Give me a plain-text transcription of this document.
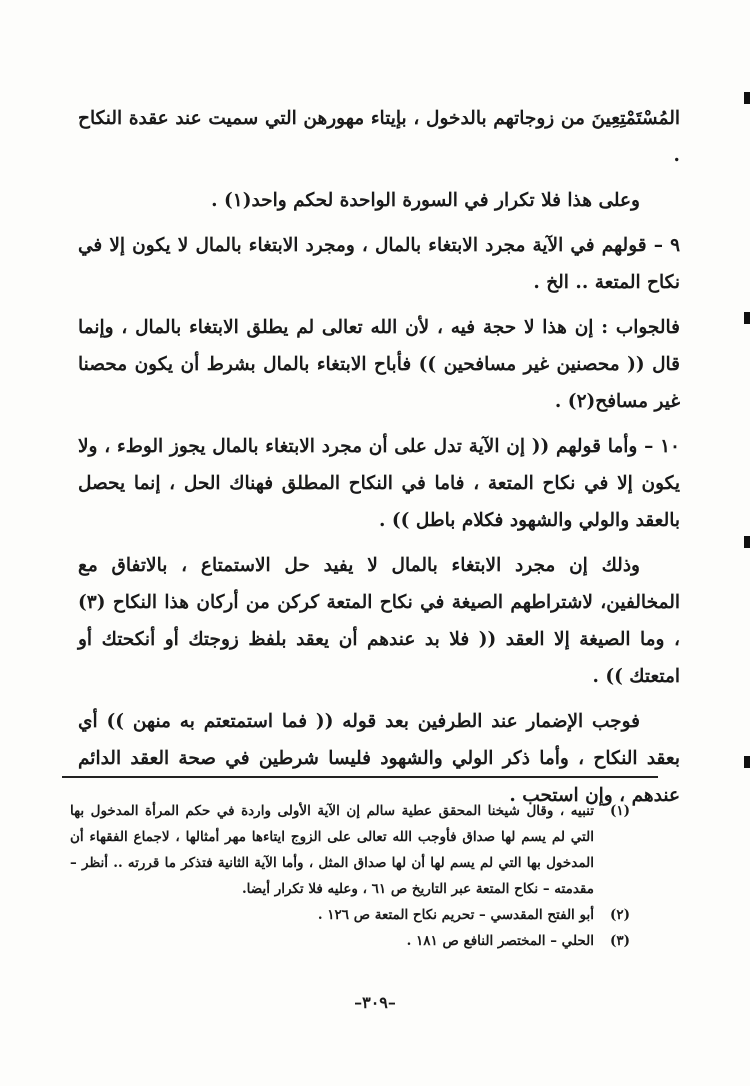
المُسْتَمْتِعِينَ من زوجاتهم بالدخول ، بإيتاء مهورهن التي سميت عند عقدة النكاح .

وعلى هذا فلا تكرار في السورة الواحدة لحكم واحد(١) .

٩ – قولهم في الآية مجرد الابتغاء بالمال ، ومجرد الابتغاء بالمال لا يكون إلا في نكاح المتعة .. الخ .

فالجواب : إن هذا لا حجة فيه ، لأن الله تعالى لم يطلق الابتغاء بالمال ، وإنما قال (( محصنين غير مسافحين )) فأباح الابتغاء بالمال بشرط أن يكون محصنا غير مسافح(٢) .

١٠ – وأما قولهم (( إن الآية تدل على أن مجرد الابتغاء بالمال يجوز الوطء ، ولا يكون إلا في نكاح المتعة ، فاما في النكاح المطلق فهناك الحل ، إنما يحصل بالعقد والولي والشهود فكلام باطل )) .

وذلك إن مجرد الابتغاء بالمال لا يفيد حل الاستمتاع ، بالاتفاق مع المخالفين، لاشتراطهم الصيغة في نكاح المتعة كركن من أركان هذا النكاح (٣) ، وما الصيغة إلا العقد (( فلا بد عندهم أن يعقد بلفظ زوجتك أو أنكحتك أو امتعتك )) .

فوجب الإضمار عند الطرفين بعد قوله (( فما استمتعتم به منهن )) أي بعقد النكاح ، وأما ذكر الولي والشهود فليسا شرطين في صحة العقد الدائم عندهم ، وإن استحب .

(١)
تنبيه ، وقال شيخنا المحقق عطية سالم إن الآية الأولى واردة في حكم المرأة المدخول بها التي لم يسم لها صداق فأوجب الله تعالى على الزوج ايتاءها مهر أمثالها ، لاجماع الفقهاء أن المدخول بها التي لم يسم لها أن لها صداق المثل ، وأما الآية الثانية فتذكر ما قررته .. أنظر – مقدمته – نكاح المتعة عبر التاريخ ص ٦١ ، وعليه فلا تكرار أيضا.
(٢)
أبو الفتح المقدسي – تحريم نكاح المتعة ص ١٢٦ .
(٣)
الحلي – المختصر النافع ص ١٨١ .
–٣٠٩–
